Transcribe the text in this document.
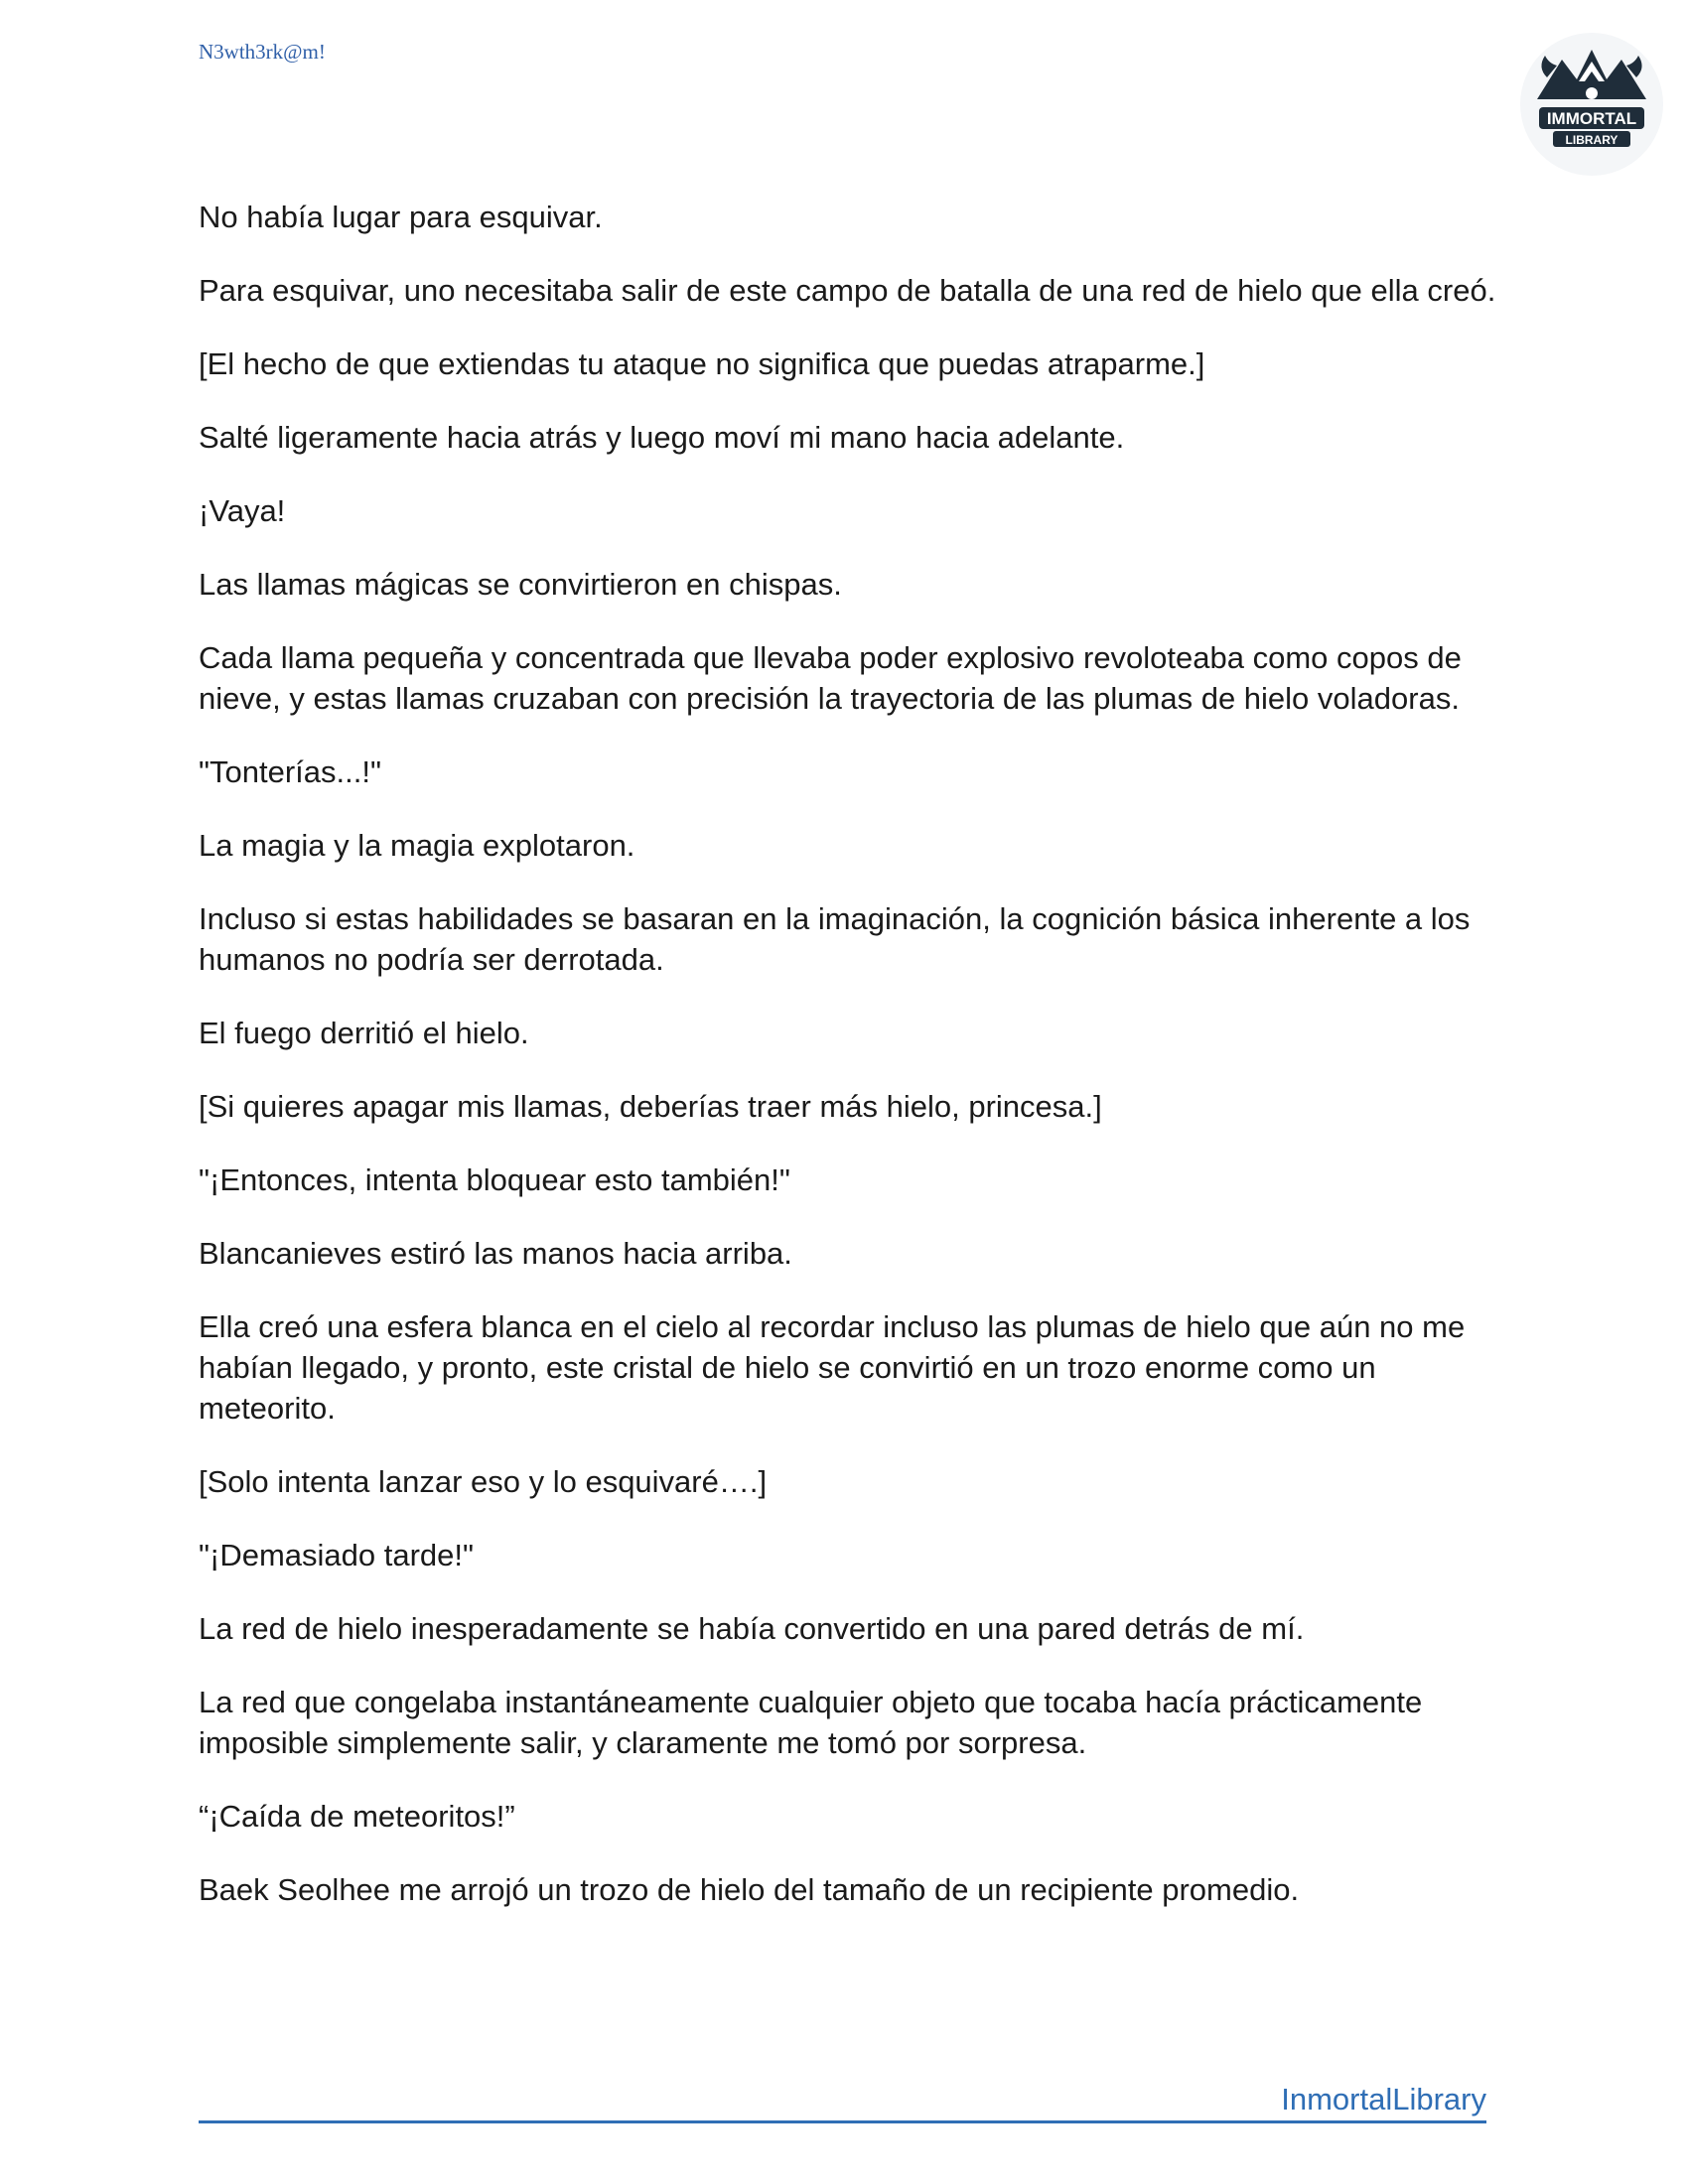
N3wth3rk@m!
IMMORTAL
LIBRARY

No había lugar para esquivar.

Para esquivar, uno necesitaba salir de este campo de batalla de una red de hielo que ella creó.

[El hecho de que extiendas tu ataque no significa que puedas atraparme.]

Salté ligeramente hacia atrás y luego moví mi mano hacia adelante.

¡Vaya!

Las llamas mágicas se convirtieron en chispas.

Cada llama pequeña y concentrada que llevaba poder explosivo revoloteaba como copos de nieve, y estas llamas cruzaban con precisión la trayectoria de las plumas de hielo voladoras.

"Tonterías...!"

La magia y la magia explotaron.

Incluso si estas habilidades se basaran en la imaginación, la cognición básica inherente a los humanos no podría ser derrotada.

El fuego derritió el hielo.

[Si quieres apagar mis llamas, deberías traer más hielo, princesa.]

"¡Entonces, intenta bloquear esto también!"

Blancanieves estiró las manos hacia arriba.

Ella creó una esfera blanca en el cielo al recordar incluso las plumas de hielo que aún no me habían llegado, y pronto, este cristal de hielo se convirtió en un trozo enorme como un meteorito.

[Solo intenta lanzar eso y lo esquivaré….]

"¡Demasiado tarde!"

La red de hielo inesperadamente se había convertido en una pared detrás de mí.

La red que congelaba instantáneamente cualquier objeto que tocaba hacía prácticamente imposible simplemente salir, y claramente me tomó por sorpresa.

“¡Caída de meteoritos!”

Baek Seolhee me arrojó un trozo de hielo del tamaño de un recipiente promedio.

InmortalLibrary
